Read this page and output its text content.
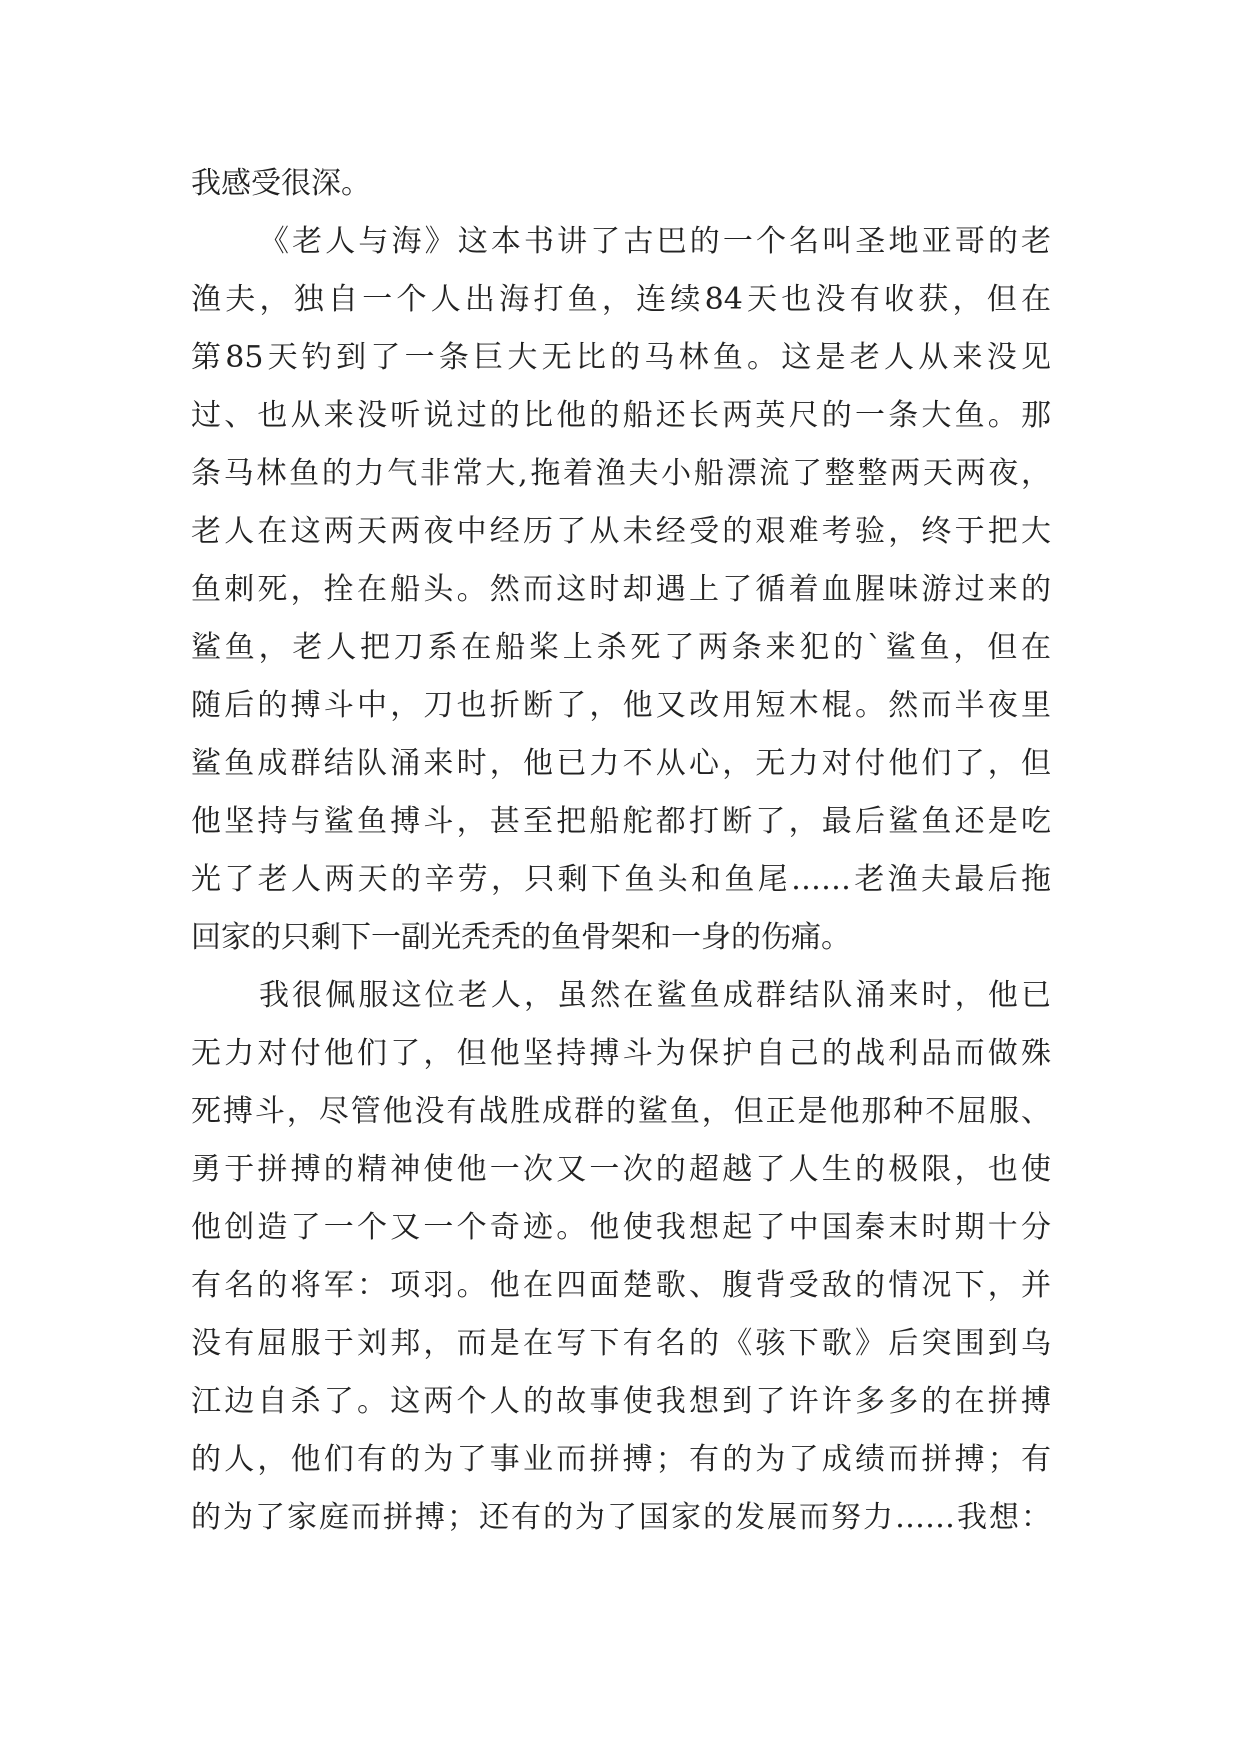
我感受很深。
《老人与海》这本书讲了古巴的一个名叫圣地亚哥的老
渔夫，独自一个人出海打鱼，连续84天也没有收获，但在
第85天钓到了一条巨大无比的马林鱼。这是老人从来没见
过、也从来没听说过的比他的船还长两英尺的一条大鱼。那
条马林鱼的力气非常大,拖着渔夫小船漂流了整整两天两夜，
老人在这两天两夜中经历了从未经受的艰难考验，终于把大
鱼刺死，拴在船头。然而这时却遇上了循着血腥味游过来的
鲨鱼，老人把刀系在船桨上杀死了两条来犯的`鲨鱼，但在
随后的搏斗中，刀也折断了，他又改用短木棍。然而半夜里
鲨鱼成群结队涌来时，他已力不从心，无力对付他们了，但
他坚持与鲨鱼搏斗，甚至把船舵都打断了，最后鲨鱼还是吃
光了老人两天的辛劳，只剩下鱼头和鱼尾……老渔夫最后拖
回家的只剩下一副光秃秃的鱼骨架和一身的伤痛。
我很佩服这位老人，虽然在鲨鱼成群结队涌来时，他已
无力对付他们了，但他坚持搏斗为保护自己的战利品而做殊
死搏斗，尽管他没有战胜成群的鲨鱼，但正是他那种不屈服、
勇于拼搏的精神使他一次又一次的超越了人生的极限，也使
他创造了一个又一个奇迹。他使我想起了中国秦末时期十分
有名的将军：项羽。他在四面楚歌、腹背受敌的情况下，并
没有屈服于刘邦，而是在写下有名的《骇下歌》后突围到乌
江边自杀了。这两个人的故事使我想到了许许多多的在拼搏
的人，他们有的为了事业而拼搏；有的为了成绩而拼搏；有
的为了家庭而拼搏；还有的为了国家的发展而努力……我想：
